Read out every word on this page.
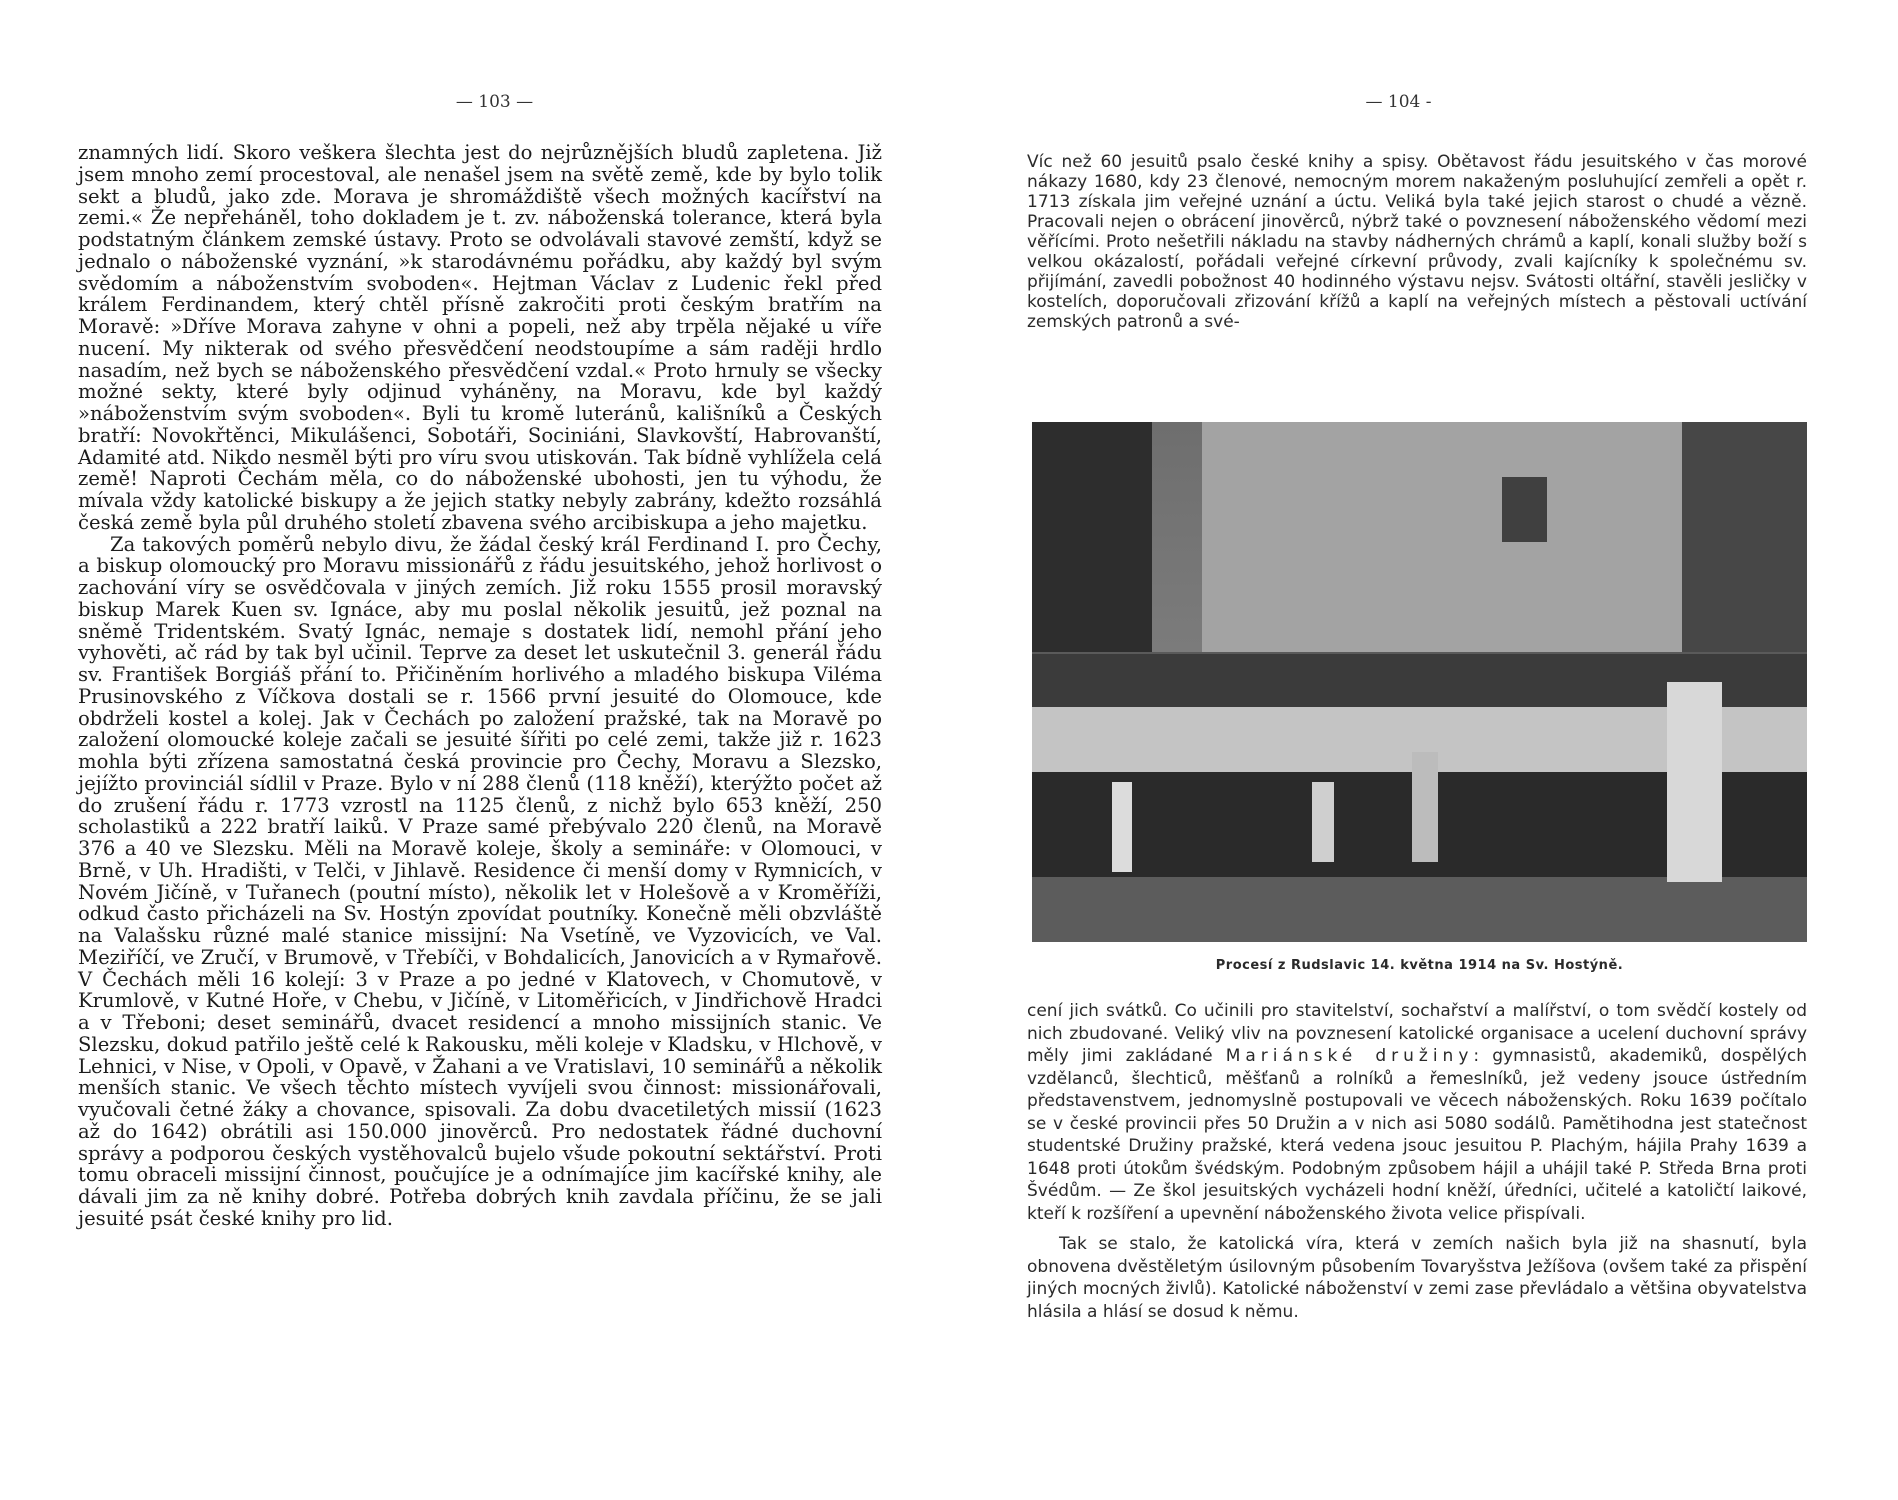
— 103 —

znamných lidí. Skoro veškera šlechta jest do nejrůznějších bludů zapletena. Již jsem mnoho zemí procestoval, ale nenašel jsem na světě země, kde by bylo tolik sekt a bludů, jako zde. Morava je shromáždiště všech možných kacířství na zemi.« Že nepřeháněl, toho dokladem je t. zv. náboženská tolerance, která byla podstatným článkem zemské ústavy. Proto se odvolávali stavové zemští, když se jednalo o náboženské vyznání, »k starodávnému pořádku, aby každý byl svým svědomím a náboženstvím svoboden«. Hejtman Václav z Ludenic řekl před králem Ferdinandem, který chtěl přísně zakročiti proti českým bratřím na Moravě: »Dříve Morava zahyne v ohni a popeli, než aby trpěla nějaké u víře nucení. My nikterak od svého přesvědčení neodstoupíme a sám raději hrdlo nasadím, než bych se náboženského přesvědčení vzdal.« Proto hrnuly se všecky možné sekty, které byly odjinud vyháněny, na Moravu, kde byl každý »náboženstvím svým svoboden«. Byli tu kromě luteránů, kališníků a Českých bratří: Novokřtěnci, Mikulášenci, Sobotáři, Sociniáni, Slavkovští, Habrovanští, Adamité atd. Nikdo nesměl býti pro víru svou utiskován. Tak bídně vyhlížela celá země! Naproti Čechám měla, co do náboženské ubohosti, jen tu výhodu, že mívala vždy katolické biskupy a že jejich statky nebyly zabrány, kdežto rozsáhlá česká země byla půl druhého století zbavena svého arcibiskupa a jeho majetku.

Za takových poměrů nebylo divu, že žádal český král Ferdinand I. pro Čechy, a biskup olomoucký pro Moravu missionářů z řádu jesuitského, jehož horlivost o zachování víry se osvědčovala v jiných zemích. Již roku 1555 prosil moravský biskup Marek Kuen sv. Ignáce, aby mu poslal několik jesuitů, jež poznal na sněmě Tridentském. Svatý Ignác, nemaje s dostatek lidí, nemohl přání jeho vyhověti, ač rád by tak byl učinil. Teprve za deset let uskutečnil 3. generál řádu sv. František Borgiáš přání to. Přičiněním horlivého a mladého biskupa Viléma Prusinovského z Víčkova dostali se r. 1566 první jesuité do Olomouce, kde obdrželi kostel a kolej. Jak v Čechách po založení pražské, tak na Moravě po založení olomoucké koleje začali se jesuité šířiti po celé zemi, takže již r. 1623 mohla býti zřízena samostatná česká provincie pro Čechy, Moravu a Slezsko, jejížto provinciál sídlil v Praze. Bylo v ní 288 členů (118 kněží), kterýžto počet až do zrušení řádu r. 1773 vzrostl na 1125 členů, z nichž bylo 653 kněží, 250 scholastiků a 222 bratří laiků. V Praze samé přebývalo 220 členů, na Moravě 376 a 40 ve Slezsku. Měli na Moravě koleje, školy a semináře: v Olomouci, v Brně, v Uh. Hradišti, v Telči, v Jihlavě. Residence či menší domy v Rymnicích, v Novém Jičíně, v Tuřanech (poutní místo), několik let v Holešově a v Kroměříži, odkud často přicházeli na Sv. Hostýn zpovídat poutníky. Konečně měli obzvláště na Valašsku různé malé stanice missijní: Na Vsetíně, ve Vyzovicích, ve Val. Meziříčí, ve Zručí, v Brumově, v Třebíči, v Bohdalicích, Janovicích a v Rymařově. V Čechách měli 16 kolejí: 3 v Praze a po jedné v Klatovech, v Chomutově, v Krumlově, v Kutné Hoře, v Chebu, v Jičíně, v Litoměřicích, v Jindřichově Hradci a v Třeboni; deset seminářů, dvacet residencí a mnoho missijních stanic. Ve Slezsku, dokud patřilo ještě celé k Rakousku, měli koleje v Kladsku, v Hlchově, v Lehnici, v Nise, v Opoli, v Opavě, v Žahani a ve Vratislavi, 10 seminářů a několik menších stanic. Ve všech těchto místech vyvíjeli svou činnost: missionářovali, vyučovali četné žáky a chovance, spisovali. Za dobu dvacetiletých missií (1623 až do 1642) obrátili asi 150.000 jinověrců. Pro nedostatek řádné duchovní správy a podporou českých vystěhovalců bujelo všude pokoutní sektářství. Proti tomu obraceli missijní činnost, poučujíce je a odnímajíce jim kacířské knihy, ale dávali jim za ně knihy dobré. Potřeba dobrých knih zavdala příčinu, že se jali jesuité psát české knihy pro lid.

— 104 -

Víc než 60 jesuitů psalo české knihy a spisy. Obětavost řádu jesuitského v čas morové nákazy 1680, kdy 23 členové, nemocným morem nakaženým posluhující zemřeli a opět r. 1713 získala jim veřejné uznání a úctu. Veliká byla také jejich starost o chudé a vězně. Pracovali nejen o obrácení jinověrců, nýbrž také o povznesení náboženského vědomí mezi věřícími. Proto nešetřili nákladu na stavby nádherných chrámů a kaplí, konali služby boží s velkou okázalostí, pořádali veřejné církevní průvody, zvali kajícníky k společnému sv. přijímání, zavedli pobožnost 40 hodinného výstavu nejsv. Svátosti oltářní, stavěli jesličky v kostelích, doporučovali zřizování křížů a kaplí na veřejných místech a pěstovali uctívání zemských patronů a své-

Procesí z Rudslavic 14. května 1914 na Sv. Hostýně.

cení jich svátků. Co učinili pro stavitelství, sochařství a malířství, o tom svědčí kostely od nich zbudované. Veliký vliv na povznesení katolické organisace a ucelení duchovní správy měly jimi zakládané Mariánské družiny: gymnasistů, akademiků, dospělých vzdělanců, šlechticů, měšťanů a rolníků a řemeslníků, jež vedeny jsouce ústředním představenstvem, jednomyslně postupovali ve věcech náboženských. Roku 1639 počítalo se v české provincii přes 50 Družin a v nich asi 5080 sodálů. Pamětihodna jest statečnost studentské Družiny pražské, která vedena jsouc jesuitou P. Plachým, hájila Prahy 1639 a 1648 proti útokům švédským. Podobným způsobem hájil a uhájil také P. Středa Brna proti Švédům. — Ze škol jesuitských vycházeli hodní kněží, úředníci, učitelé a katoličtí laikové, kteří k rozšíření a upevnění náboženského života velice přispívali.

Tak se stalo, že katolická víra, která v zemích našich byla již na shasnutí, byla obnovena dvěstěletým úsilovným působením Tovaryšstva Ježíšova (ovšem také za přispění jiných mocných živlů). Katolické náboženství v zemi zase převládalo a většina obyvatelstva hlásila a hlásí se dosud k němu.
